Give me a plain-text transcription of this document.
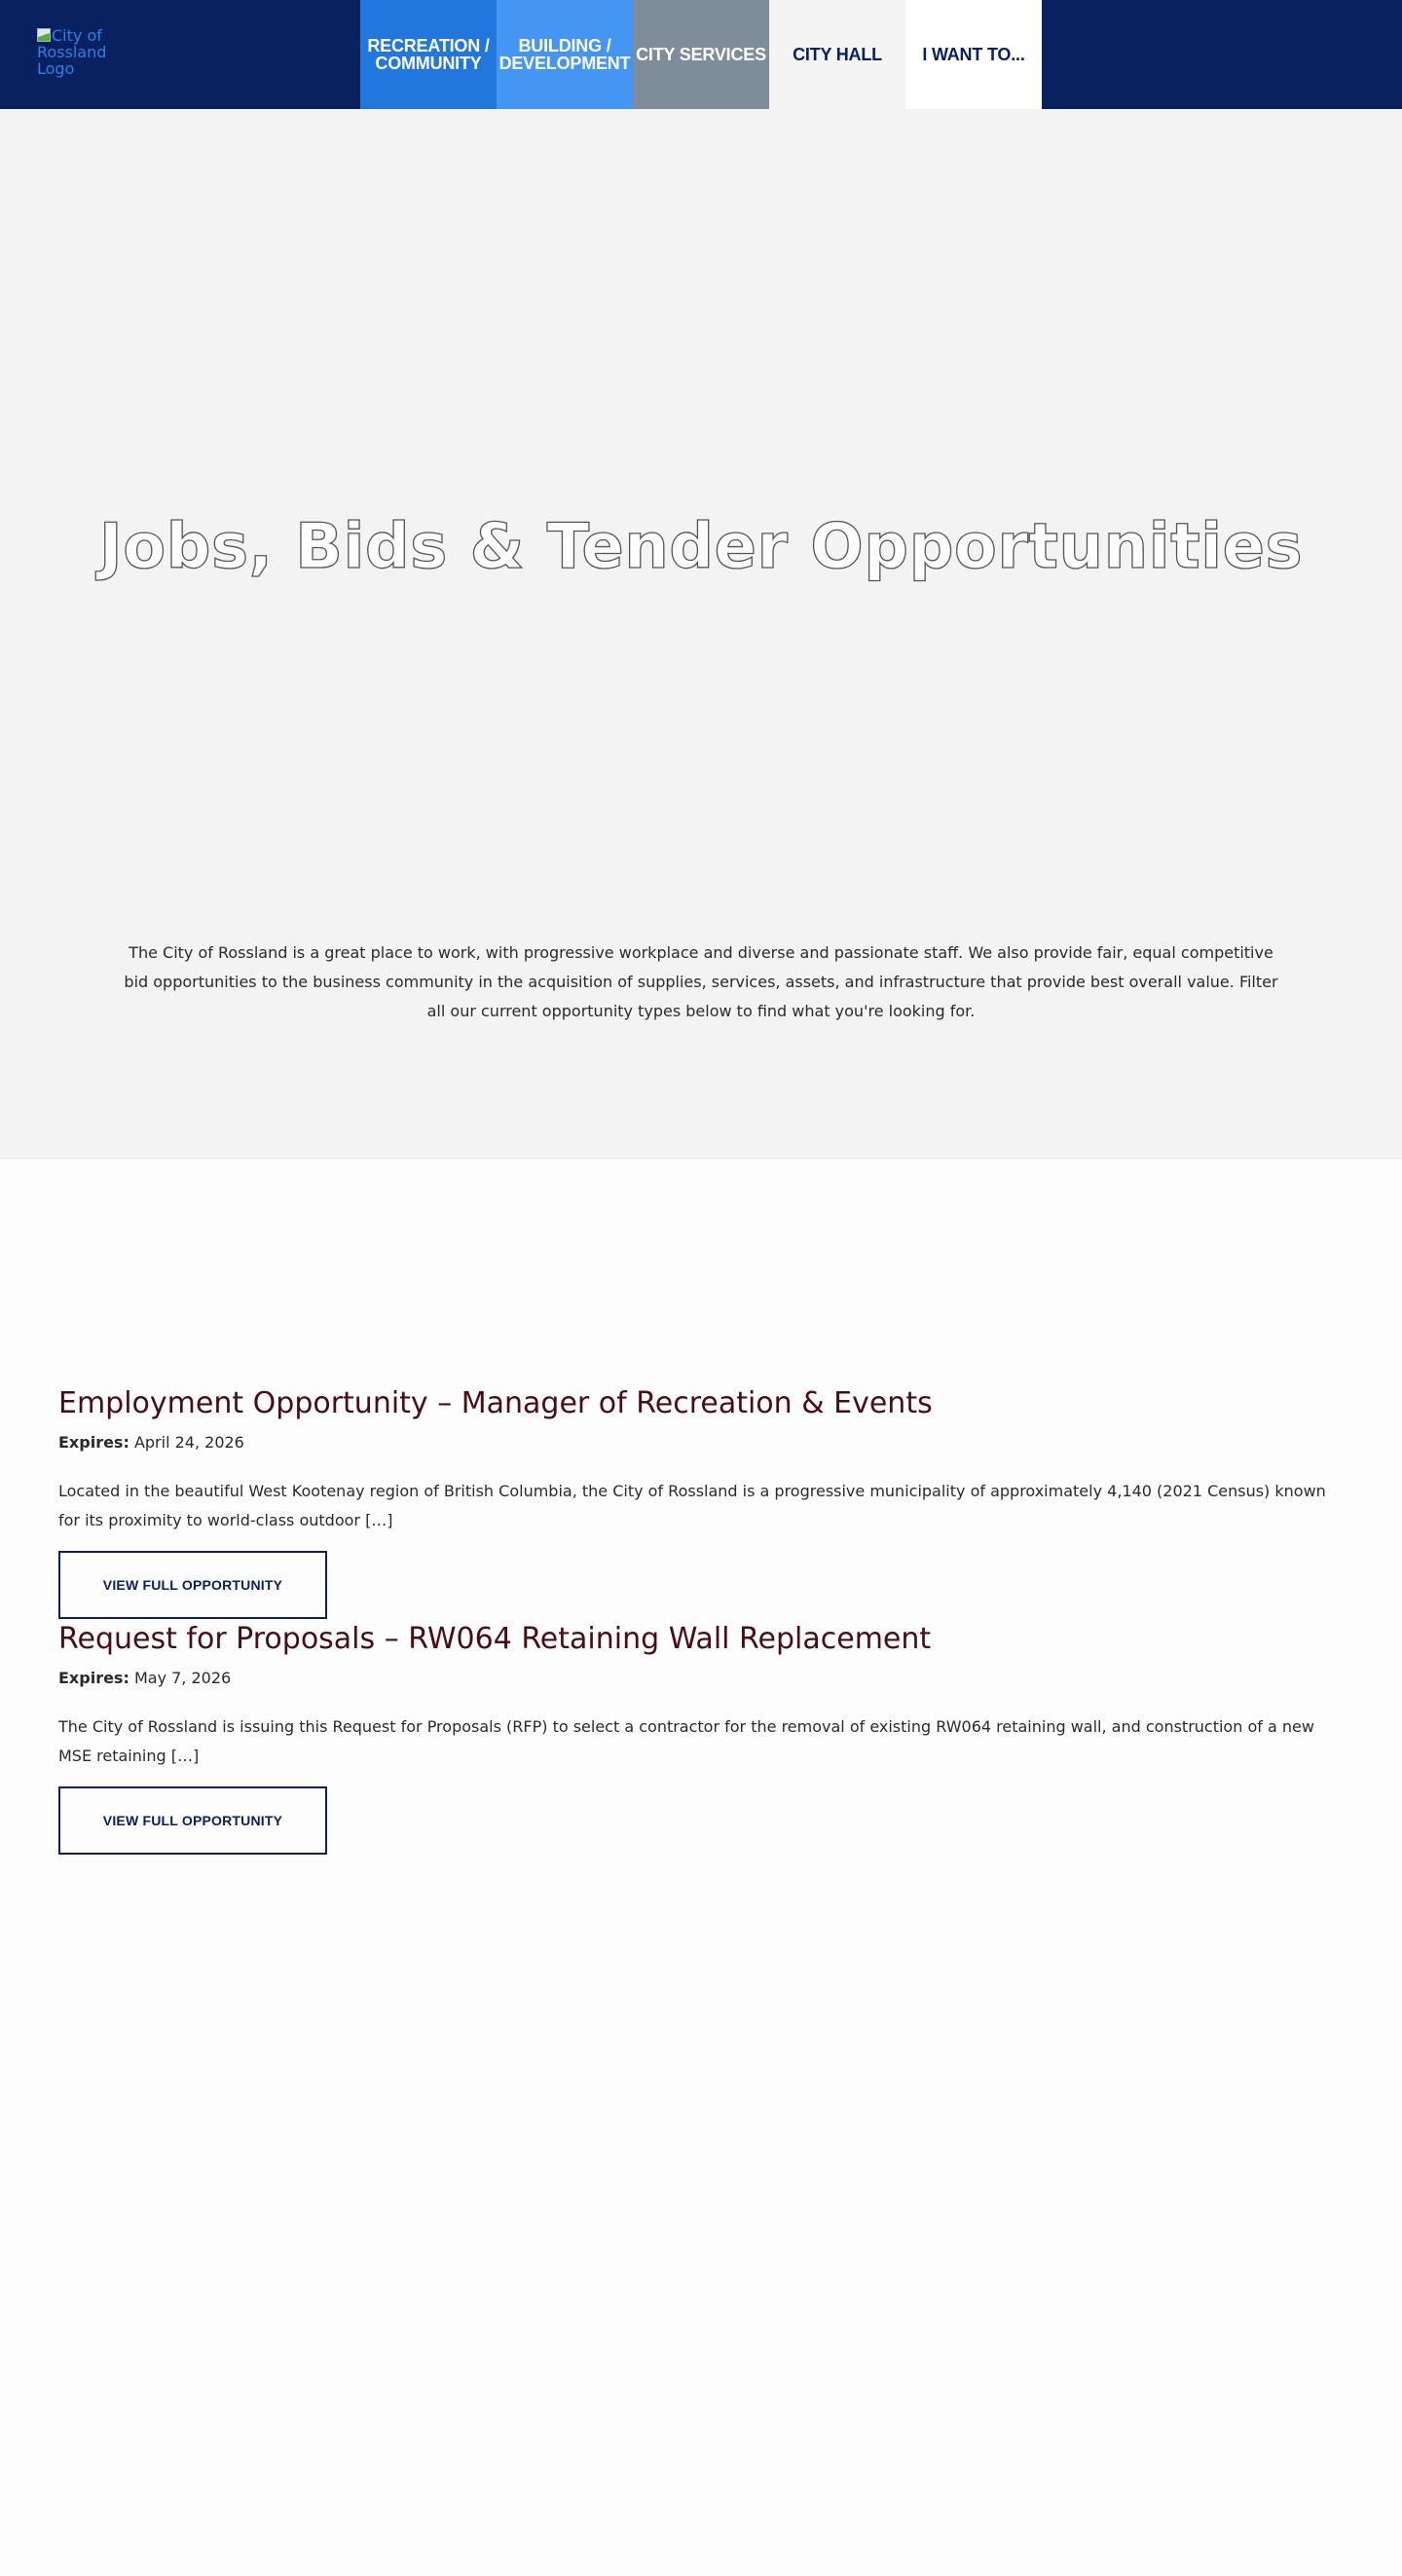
City of Rossland Logo
RECREATION / COMMUNITY
BUILDING / DEVELOPMENT CITY SERVICES CITY HALL I WANT TO...
Jobs, Bids & Tender Opportunities

The City of Rossland is a great place to work, with progressive workplace and diverse and passionate staff. We also provide fair, equal competitive bid opportunities to the business community in the acquisition of supplies, services, assets, and infrastructure that provide best overall value. Filter all our current opportunity types below to find what you're looking for.

Employment Opportunity – Manager of Recreation & Events
Expires: April 24, 2026

Located in the beautiful West Kootenay region of British Columbia, the City of Rossland is a progressive municipality of approximately 4,140 (2021 Census) known for its proximity to world-class outdoor […]

VIEW FULL OPPORTUNITY
Request for Proposals – RW064 Retaining Wall Replacement
Expires: May 7, 2026

The City of Rossland is issuing this Request for Proposals (RFP) to select a contractor for the removal of existing RW064 retaining wall, and construction of a new MSE retaining […]

VIEW FULL OPPORTUNITY
